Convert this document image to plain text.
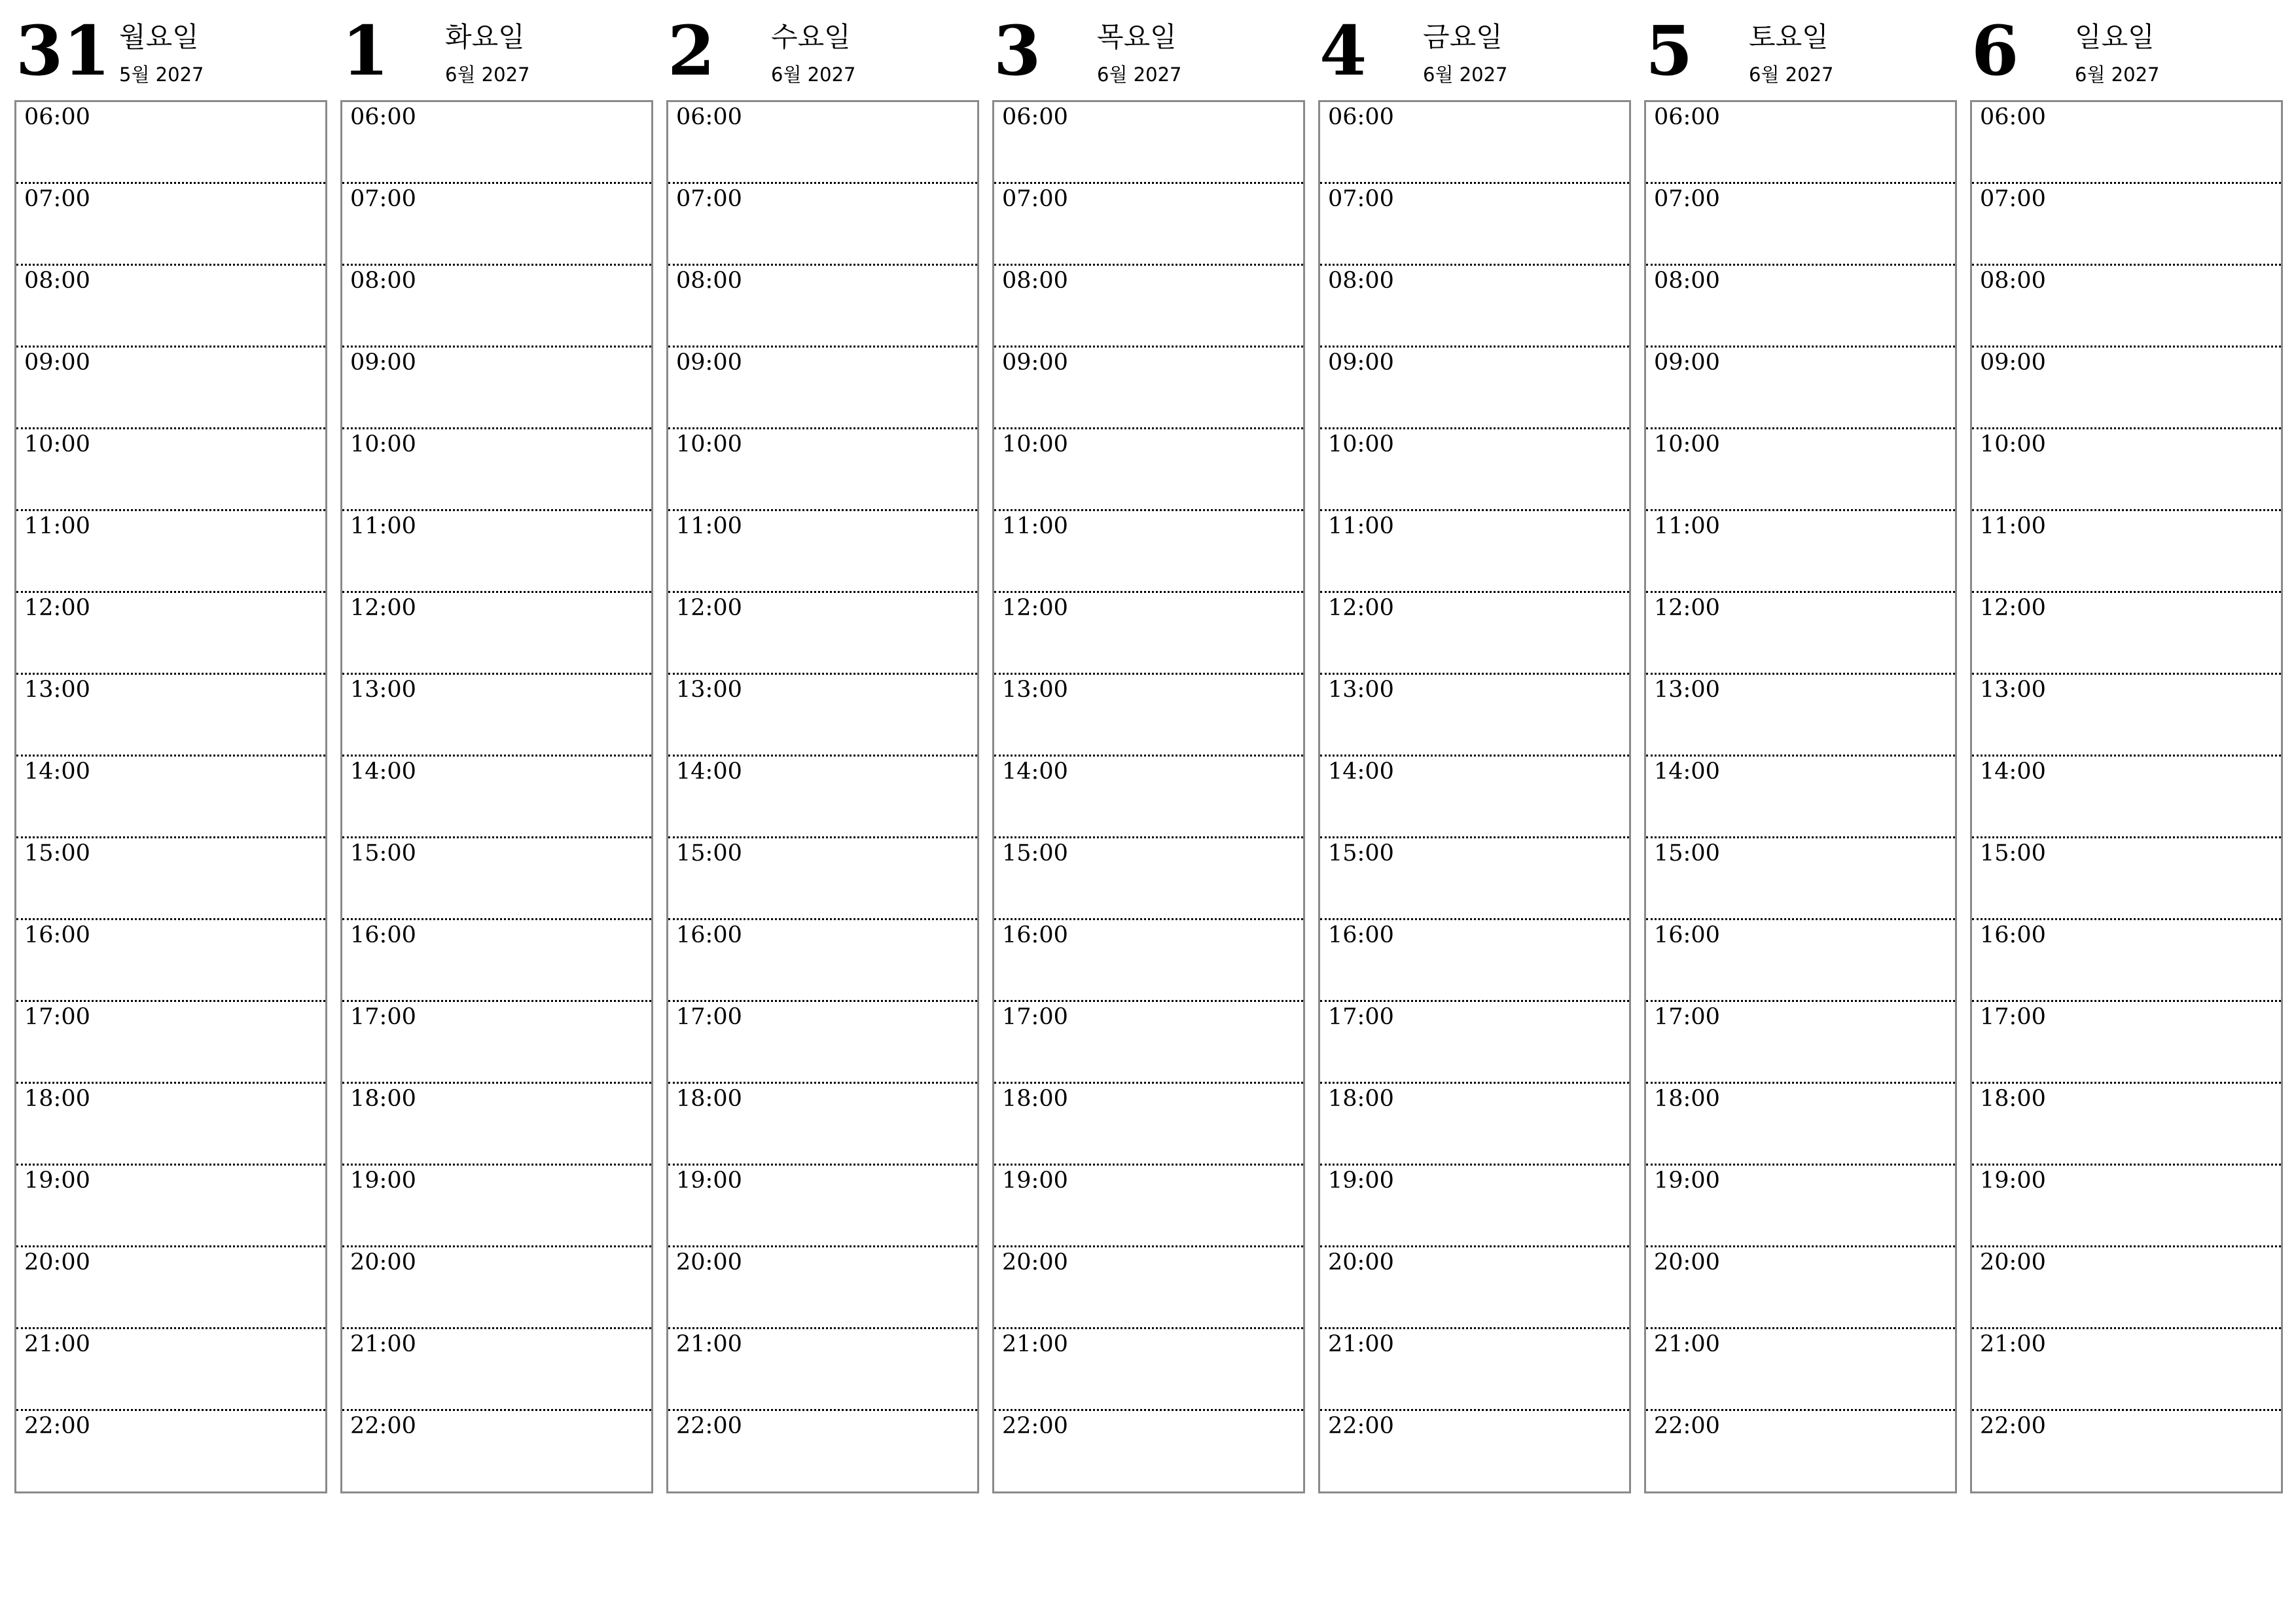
31 월요일
5월 2027
06:00
07:00
08:00
09:00
10:00
11:00
12:00
13:00
14:00
15:00
16:00
17:00
18:00
19:00
20:00
21:00
22:00
1 화요일
6월 2027
06:00
07:00
08:00
09:00
10:00
11:00
12:00
13:00
14:00
15:00
16:00
17:00
18:00
19:00
20:00
21:00
22:00
2 수요일
6월 2027
06:00
07:00
08:00
09:00
10:00
11:00
12:00
13:00
14:00
15:00
16:00
17:00
18:00
19:00
20:00
21:00
22:00
3 목요일
6월 2027
06:00
07:00
08:00
09:00
10:00
11:00
12:00
13:00
14:00
15:00
16:00
17:00
18:00
19:00
20:00
21:00
22:00
4 금요일
6월 2027
06:00
07:00
08:00
09:00
10:00
11:00
12:00
13:00
14:00
15:00
16:00
17:00
18:00
19:00
20:00
21:00
22:00
5 토요일
6월 2027
06:00
07:00
08:00
09:00
10:00
11:00
12:00
13:00
14:00
15:00
16:00
17:00
18:00
19:00
20:00
21:00
22:00
6 일요일
6월 2027
06:00
07:00
08:00
09:00
10:00
11:00
12:00
13:00
14:00
15:00
16:00
17:00
18:00
19:00
20:00
21:00
22:00
